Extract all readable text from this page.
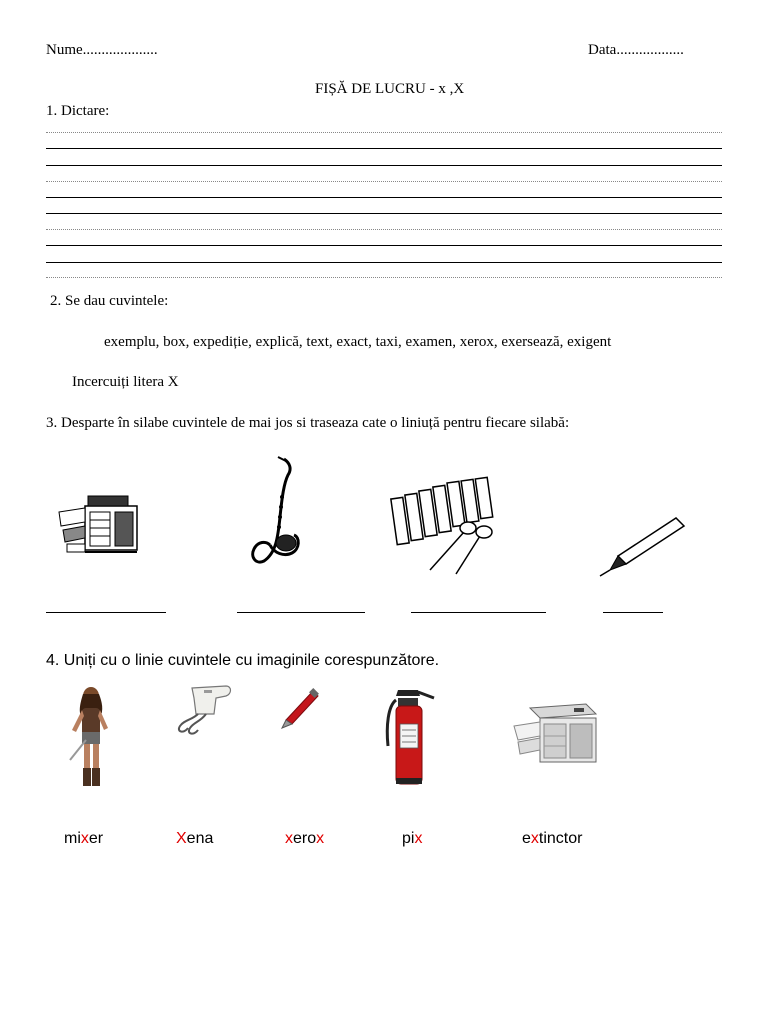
Nume....................	Data..................
FIȘĂ DE LUCRU - x ,X
1. Dictare:
2. Se dau cuvintele:
exemplu, box, expediție, explică, text, exact, taxi, examen, xerox, exersează, exigent
Incercuiți litera X
3. Desparte în silabe cuvintele de mai jos si traseaza cate o liniuță pentru fiecare silabă:
4. Uniți cu o linie cuvintele cu imaginile corespunzătore.
mixer	Xena	xerox	pix	extinctor
